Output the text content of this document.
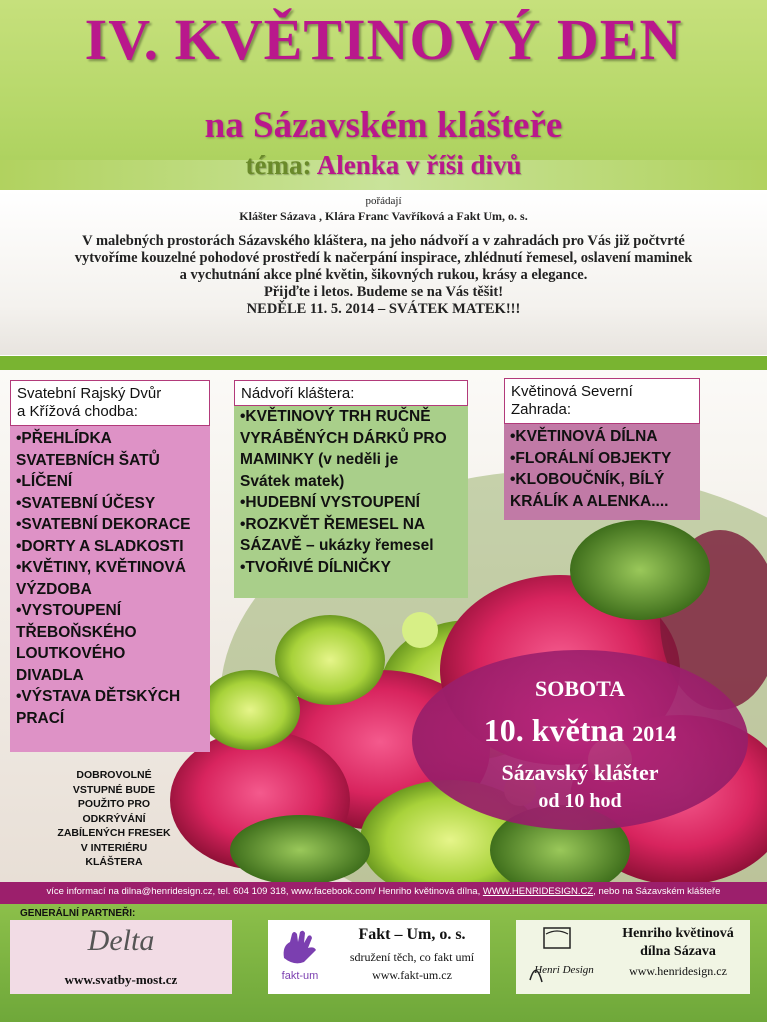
IV. KVĚTINOVÝ DEN
na Sázavském klášteře
téma: Alenka v říši divů
pořádají
Klášter Sázava , Klára Franc Vavříková a Fakt Um, o. s.
V malebných prostorách Sázavského kláštera, na jeho nádvoří a v zahradách pro Vás již počtvrté
vytvoříme kouzelné pohodové prostředí k načerpání inspirace, zhlédnutí řemesel, oslavení maminek
a vychutnání akce plné květin, šikovných rukou, krásy a elegance.
Přijďte i letos. Budeme se na Vás těšit!
NEDĚLE 11. 5. 2014 – SVÁTEK MATEK!!!
Svatební Rajský Dvůr
a Křížová chodba:
•PŘEHLÍDKA
SVATEBNÍCH ŠATŮ
•LÍČENÍ
•SVATEBNÍ ÚČESY
•SVATEBNÍ DEKORACE
•DORTY A SLADKOSTI
•KVĚTINY, KVĚTINOVÁ
VÝZDOBA
•VYSTOUPENÍ
TŘEBOŇSKÉHO
LOUTKOVÉHO
DIVADLA
•VÝSTAVA DĚTSKÝCH
PRACÍ
Nádvoří kláštera:
•KVĚTINOVÝ TRH RUČNĚ
VYRÁBĚNÝCH DÁRKŮ PRO
MAMINKY (v neděli je
Svátek matek)
•HUDEBNÍ VYSTOUPENÍ
•ROZKVĚT ŘEMESEL NA
SÁZAVĚ – ukázky řemesel
•TVOŘIVÉ DÍLNIČKY
Květinová Severní
Zahrada:
•KVĚTINOVÁ DÍLNA
•FLORÁLNÍ OBJEKTY
•KLOBOUČNÍK, BÍLÝ
KRÁLÍK A ALENKA....
SOBOTA
10. května 2014
Sázavský klášter
od 10 hod
DOBROVOLNÉ
VSTUPNÉ BUDE
POUŽITO PRO
ODKRÝVÁNÍ
ZABÍLENÝCH FRESEK
V INTERIÉRU
KLÁŠTERA
více informací na dilna@henridesign.cz, tel. 604 109 318, www.facebook.com/ Henriho květinová dílna, WWW.HENRIDESIGN.CZ, nebo na Sázavském klášteře
GENERÁLNÍ PARTNEŘI:
Delta
www.svatby-most.cz	fakt-um
Fakt – Um, o. s.
sdružení těch, co fakt umí
www.fakt-um.cz	Henri Design
Henriho květinová
dílna Sázava
www.henridesign.cz
